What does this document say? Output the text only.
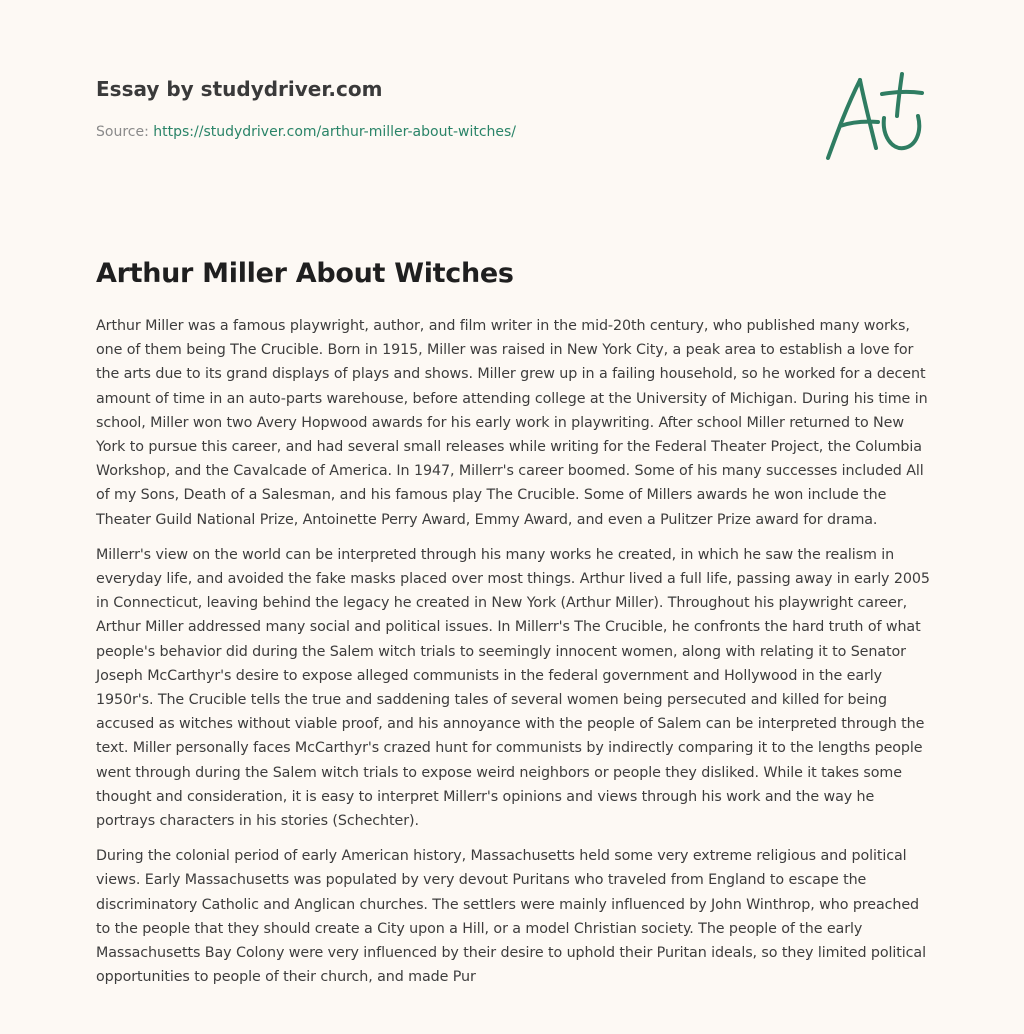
Essay by studydriver.com
Source: https://studydriver.com/arthur-miller-about-witches/
Arthur Miller About Witches

Arthur Miller was a famous playwright, author, and film writer in the mid-20th century, who published many works, one of them being The Crucible. Born in 1915, Miller was raised in New York City, a peak area to establish a love for the arts due to its grand displays of plays and shows. Miller grew up in a failing household, so he worked for a decent amount of time in an auto-parts warehouse, before attending college at the University of Michigan. During his time in school, Miller won two Avery Hopwood awards for his early work in playwriting. After school Miller returned to New York to pursue this career, and had several small releases while writing for the Federal Theater Project, the Columbia Workshop, and the Cavalcade of America. In 1947, Millerr's career boomed. Some of his many successes included All of my Sons, Death of a Salesman, and his famous play The Crucible. Some of Millers awards he won include the Theater Guild National Prize, Antoinette Perry Award, Emmy Award, and even a Pulitzer Prize award for drama.

Millerr's view on the world can be interpreted through his many works he created, in which he saw the realism in everyday life, and avoided the fake masks placed over most things. Arthur lived a full life, passing away in early 2005 in Connecticut, leaving behind the legacy he created in New York (Arthur Miller). Throughout his playwright career, Arthur Miller addressed many social and political issues. In Millerr's The Crucible, he confronts the hard truth of what people's behavior did during the Salem witch trials to seemingly innocent women, along with relating it to Senator Joseph McCarthyr's desire to expose alleged communists in the federal government and Hollywood in the early 1950r's. The Crucible tells the true and saddening tales of several women being persecuted and killed for being accused as witches without viable proof, and his annoyance with the people of Salem can be interpreted through the text. Miller personally faces McCarthyr's crazed hunt for communists by indirectly comparing it to the lengths people went through during the Salem witch trials to expose weird neighbors or people they disliked. While it takes some thought and consideration, it is easy to interpret Millerr's opinions and views through his work and the way he portrays characters in his stories (Schechter).

During the colonial period of early American history, Massachusetts held some very extreme religious and political views. Early Massachusetts was populated by very devout Puritans who traveled from England to escape the discriminatory Catholic and Anglican churches. The settlers were mainly influenced by John Winthrop, who preached to the people that they should create a City upon a Hill, or a model Christian society. The people of the early Massachusetts Bay Colony were very influenced by their desire to uphold their Puritan ideals, so they limited political opportunities to people of their church, and made Pur
